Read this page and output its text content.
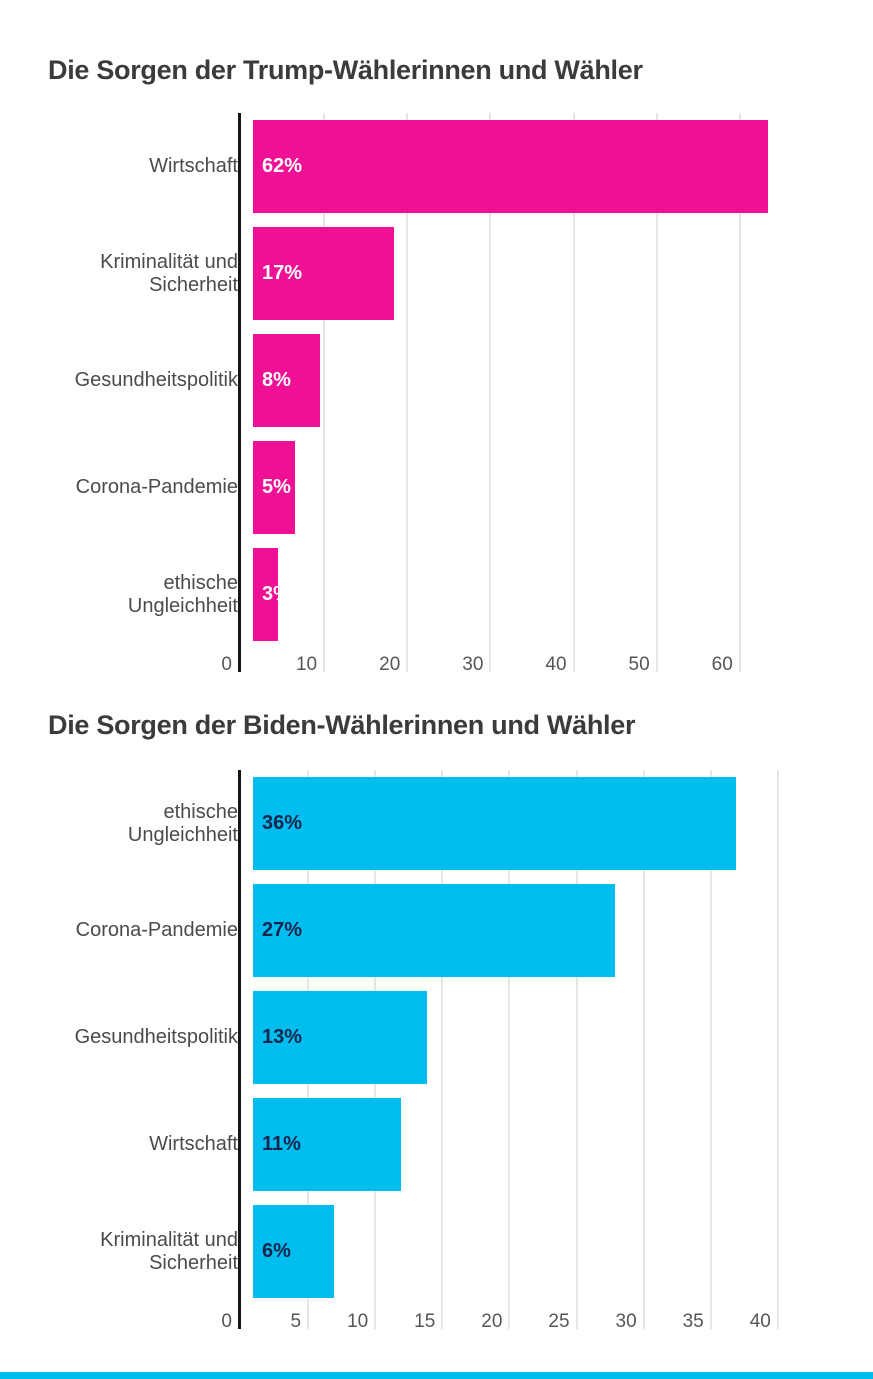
Die Sorgen der Trump-Wählerinnen und Wähler
Wirtschaft	62%
Kriminalität und Sicherheit
17%
Gesundheitspolitik	8%
Corona-Pandemie	5%
ethische Ungleichheit
3%
0	10	20	30	40	50	60
Die Sorgen der Biden-Wählerinnen und Wähler
ethische Ungleichheit
36%
Corona-Pandemie	27%
Gesundheitspolitik	13%
Wirtschaft	11%
Kriminalität und Sicherheit
6%
0	5 10 15 20 25 30 35 40
